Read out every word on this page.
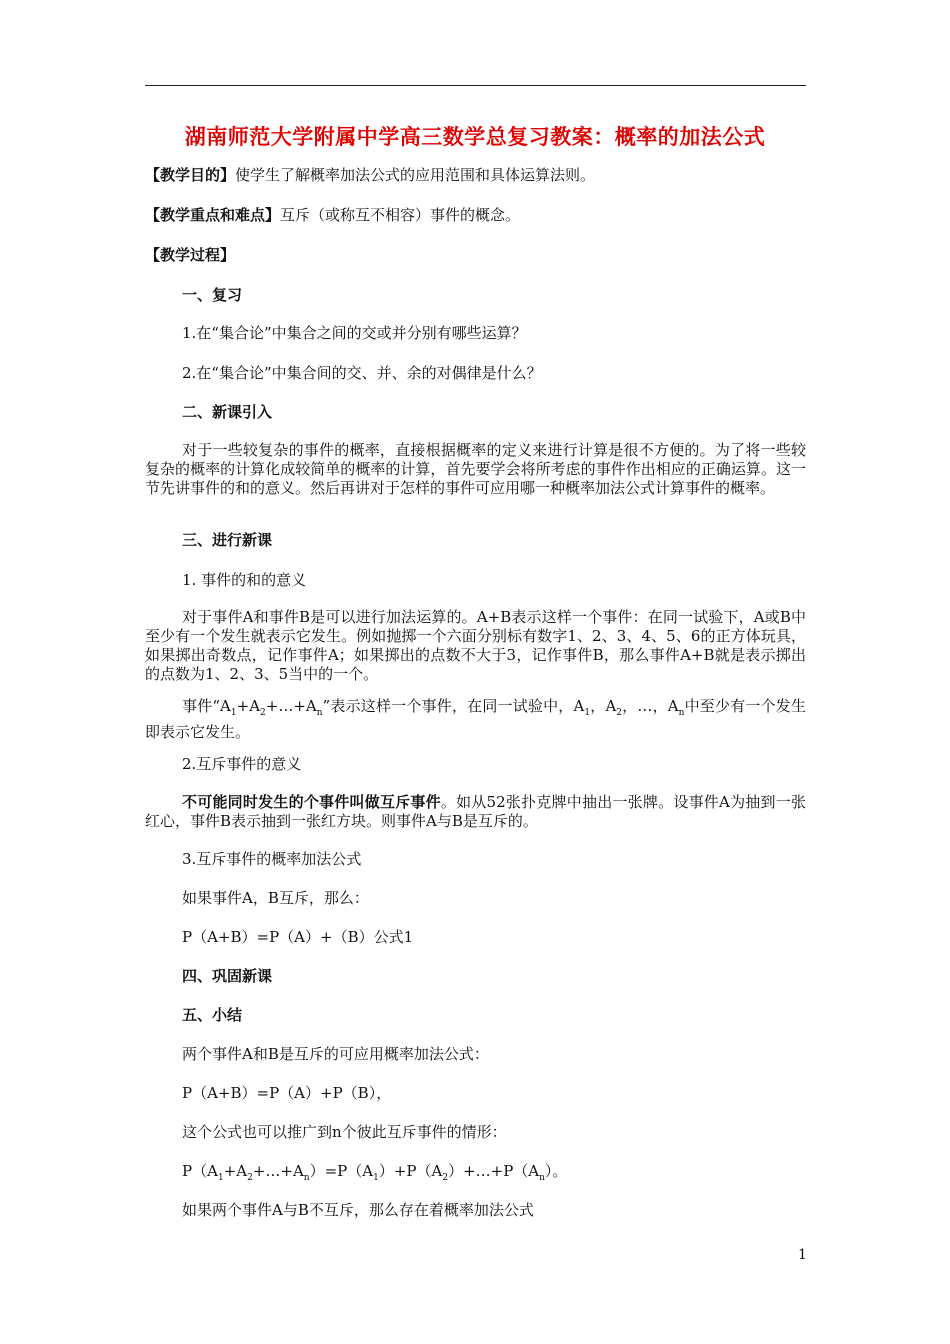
湖南师范大学附属中学高三数学总复习教案：概率的加法公式
【教学目的】使学生了解概率加法公式的应用范围和具体运算法则。
【教学重点和难点】互斥（或称互不相容）事件的概念。
【教学过程】
一、复习
1.在“集合论”中集合之间的交或并分别有哪些运算？
2.在“集合论”中集合间的交、并、余的对偶律是什么？
二、新课引入
对于一些较复杂的事件的概率，直接根据概率的定义来进行计算是很不方便的。为了将一些较复杂的概率的计算化成较简单的概率的计算，首先要学会将所考虑的事件作出相应的正确运算。这一节先讲事件的和的意义。然后再讲对于怎样的事件可应用哪一种概率加法公式计算事件的概率。
三、进行新课
1. 事件的和的意义
对于事件A和事件B是可以进行加法运算的。A+B表示这样一个事件：在同一试验下，A或B中至少有一个发生就表示它发生。例如抛掷一个六面分别标有数字1、2、3、4、5、6的正方体玩具，如果掷出奇数点，记作事件A；如果掷出的点数不大于3，记作事件B，那么事件A+B就是表示掷出的点数为1、2、3、5当中的一个。
事件“$A_1+A_2+\dots+A_n$”表示这样一个事件，在同一试验中，$A_1$，$A_2$，…，$A_n$中至少有一个发生即表示它发生。
2.互斥事件的意义
不可能同时发生的个事件叫做互斥事件。如从52张扑克牌中抽出一张牌。设事件A为抽到一张红心，事件B表示抽到一张红方块。则事件A与B是互斥的。
3.互斥事件的概率加法公式
如果事件A，B互斥，那么：
P（A+B）=P（A）+（B）公式1
四、巩固新课
五、小结
两个事件A和B是互斥的可应用概率加法公式：
P（A+B）=P（A）+P（B），
这个公式也可以推广到n个彼此互斥事件的情形：
$P(A_1+A_2+\dots+A_n)=P(A_1)+P(A_2)+\dots+P(A_n)$。
如果两个事件A与B不互斥，那么存在着概率加法公式
1
